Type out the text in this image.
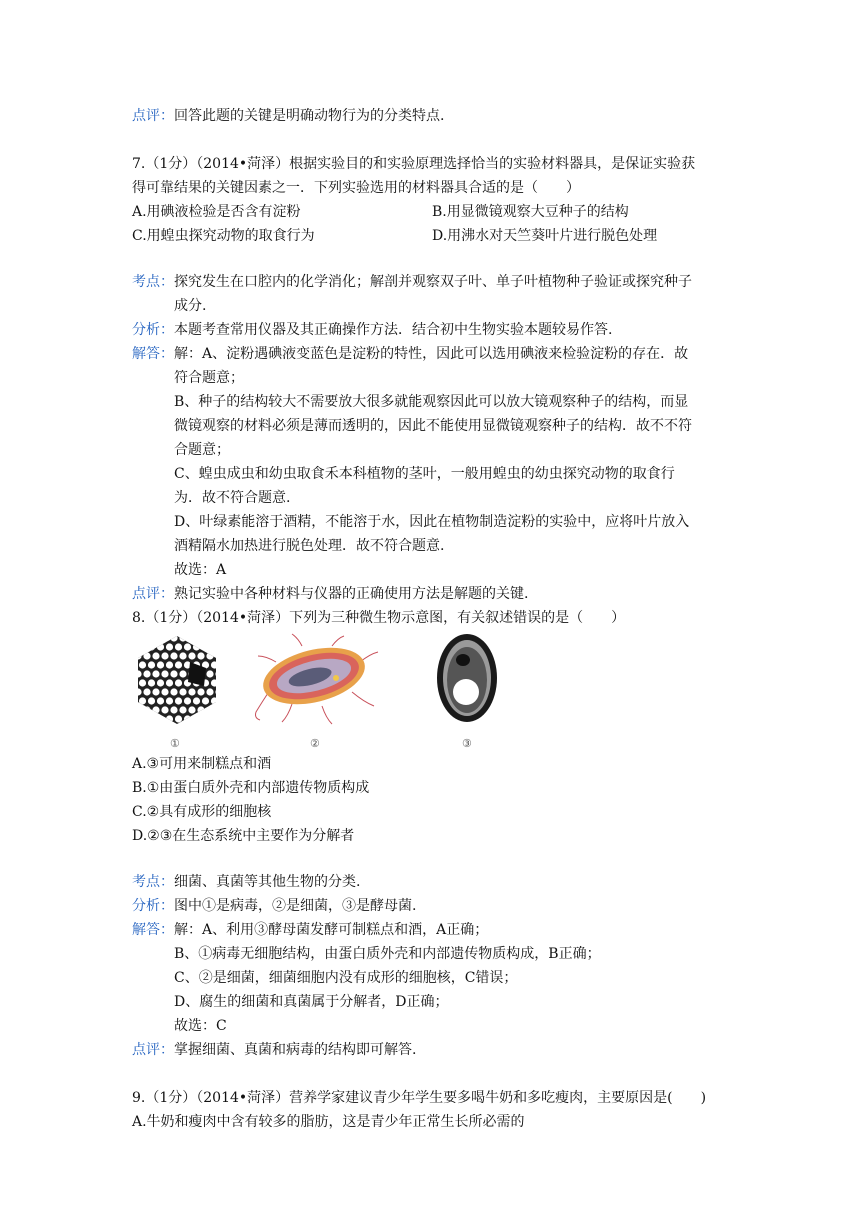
点评：回答此题的关键是明确动物行为的分类特点.
7.（1分）（2014•菏泽）根据实验目的和实验原理选择恰当的实验材料器具，是保证实验获
得可靠结果的关键因素之一．下列实验选用的材料器具合适的是（　　）
A.用碘液检验是否含有淀粉	B.用显微镜观察大豆种子的结构
C.用蝗虫探究动物的取食行为	D.用沸水对天竺葵叶片进行脱色处理
考点：探究发生在口腔内的化学消化；解剖并观察双子叶、单子叶植物种子验证或探究种子
成分.
分析：本题考查常用仪器及其正确操作方法．结合初中生物实验本题较易作答.
解答：解：A、淀粉遇碘液变蓝色是淀粉的特性，因此可以选用碘液来检验淀粉的存在．故
符合题意；
B、种子的结构较大不需要放大很多就能观察因此可以放大镜观察种子的结构，而显
微镜观察的材料必须是薄而透明的，因此不能使用显微镜观察种子的结构．故不不符
合题意；
C、蝗虫成虫和幼虫取食禾本科植物的茎叶，一般用蝗虫的幼虫探究动物的取食行
为．故不符合题意.
D、叶绿素能溶于酒精，不能溶于水，因此在植物制造淀粉的实验中，应将叶片放入
酒精隔水加热进行脱色处理．故不符合题意.
故选：A
点评：熟记实验中各种材料与仪器的正确使用方法是解题的关键.
8.（1分）（2014•菏泽）下列为三种微生物示意图，有关叙述错误的是（　　）
①	②	③
A.③可用来制糕点和酒
B.①由蛋白质外壳和内部遗传物质构成
C.②具有成形的细胞核
D.②③在生态系统中主要作为分解者
考点：细菌、真菌等其他生物的分类.
分析：图中①是病毒，②是细菌，③是酵母菌.
解答：解：A、利用③酵母菌发酵可制糕点和酒，A正确；
B、①病毒无细胞结构，由蛋白质外壳和内部遗传物质构成，B正确；
C、②是细菌，细菌细胞内没有成形的细胞核，C错误；
D、腐生的细菌和真菌属于分解者，D正确；
故选：C
点评：掌握细菌、真菌和病毒的结构即可解答.
9.（1分）（2014•菏泽）营养学家建议青少年学生要多喝牛奶和多吃瘦肉，主要原因是(　　)
A.牛奶和瘦肉中含有较多的脂肪，这是青少年正常生长所必需的
